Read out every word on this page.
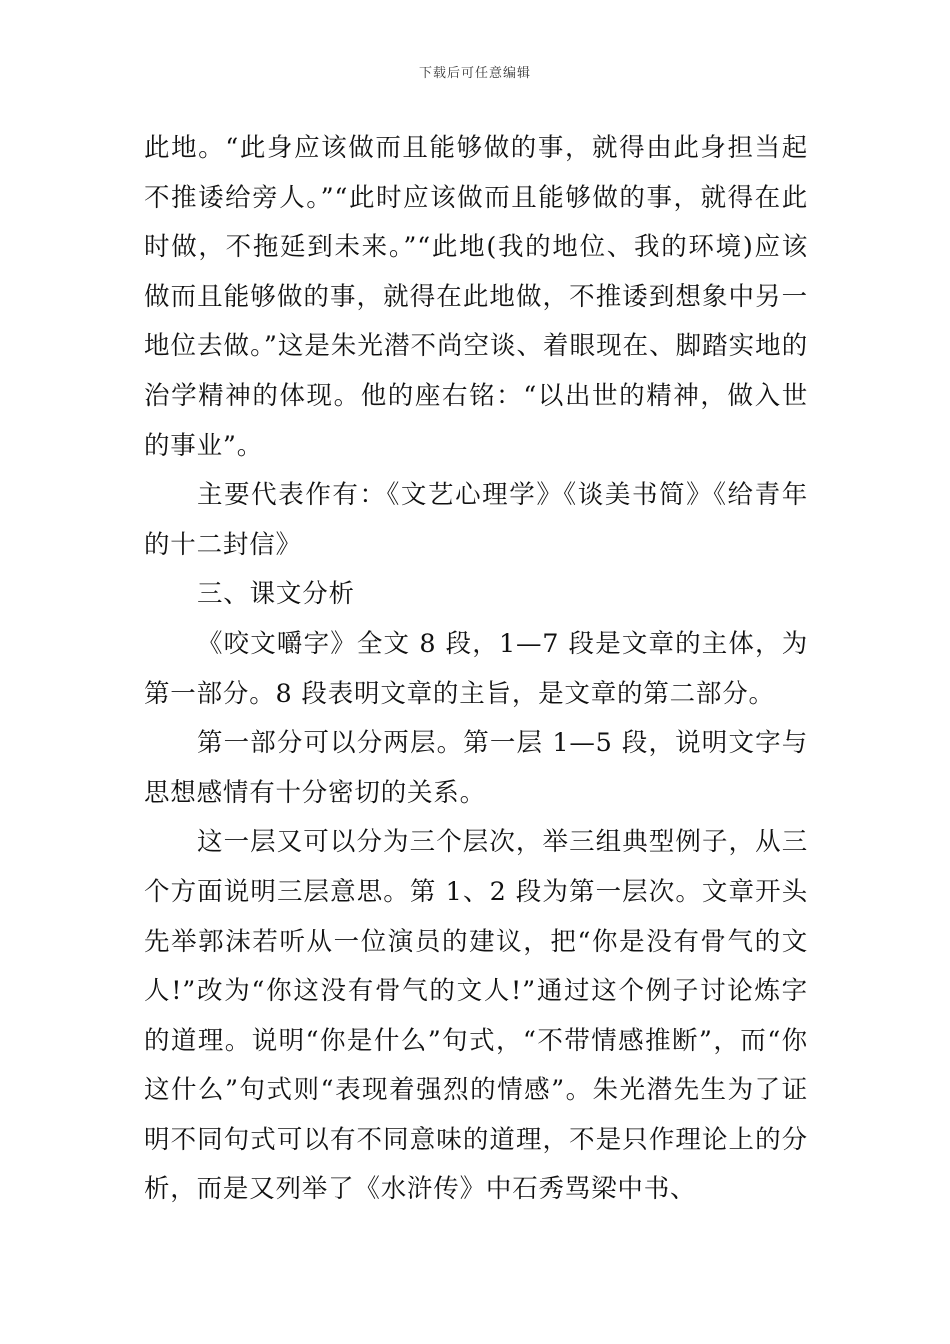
下载后可任意编辑

此地。“此身应该做而且能够做的事，就得由此身担当起不推诿给旁人。”“此时应该做而且能够做的事，就得在此时做，不拖延到未来。”“此地(我的地位、我的环境)应该做而且能够做的事，就得在此地做，不推诿到想象中另一地位去做。”这是朱光潜不尚空谈、着眼现在、脚踏实地的治学精神的体现。他的座右铭：“以出世的精神，做入世的事业”。

主要代表作有：《文艺心理学》《谈美书简》《给青年的十二封信》

三、课文分析

《咬文嚼字》全文 8 段，1—7 段是文章的主体，为第一部分。8 段表明文章的主旨，是文章的第二部分。

第一部分可以分两层。第一层 1—5 段，说明文字与思想感情有十分密切的关系。

这一层又可以分为三个层次，举三组典型例子，从三个方面说明三层意思。第 1、2 段为第一层次。文章开头先举郭沫若听从一位演员的建议，把“你是没有骨气的文人!”改为“你这没有骨气的文人!”通过这个例子讨论炼字的道理。说明“你是什么”句式，“不带情感推断”，而“你这什么”句式则“表现着强烈的情感”。朱光潜先生为了证明不同句式可以有不同意味的道理，不是只作理论上的分析，而是又列举了《水浒传》中石秀骂梁中书、
